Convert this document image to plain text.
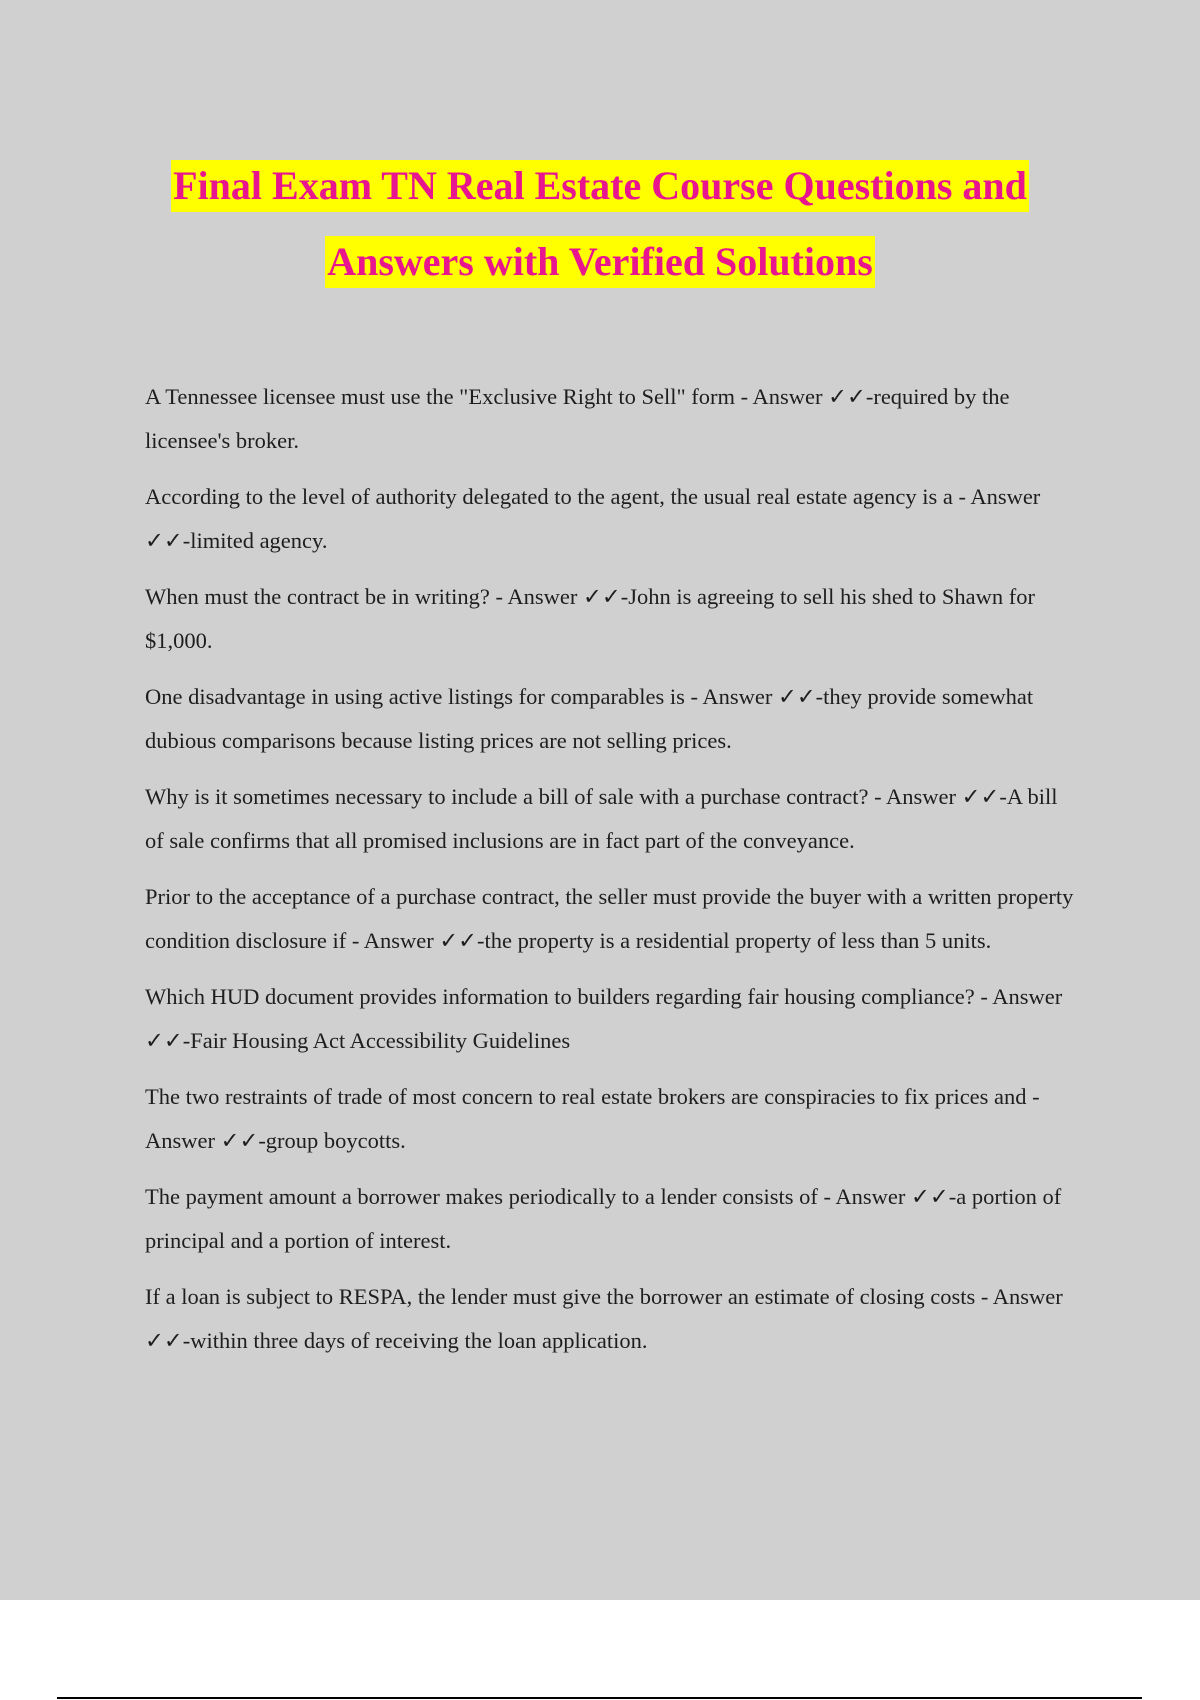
Final Exam TN Real Estate Course Questions and
Answers with Verified Solutions

A Tennessee licensee must use the "Exclusive Right to Sell" form - Answer ✓✓-required by the licensee's broker.

According to the level of authority delegated to the agent, the usual real estate agency is a - Answer ✓✓-limited agency.

When must the contract be in writing? - Answer ✓✓-John is agreeing to sell his shed to Shawn for $1,000.

One disadvantage in using active listings for comparables is - Answer ✓✓-they provide somewhat dubious comparisons because listing prices are not selling prices.

Why is it sometimes necessary to include a bill of sale with a purchase contract? - Answer ✓✓-A bill of sale confirms that all promised inclusions are in fact part of the conveyance.

Prior to the acceptance of a purchase contract, the seller must provide the buyer with a written property condition disclosure if - Answer ✓✓-the property is a residential property of less than 5 units.

Which HUD document provides information to builders regarding fair housing compliance? - Answer ✓✓-Fair Housing Act Accessibility Guidelines

The two restraints of trade of most concern to real estate brokers are conspiracies to fix prices and - Answer ✓✓-group boycotts.

The payment amount a borrower makes periodically to a lender consists of - Answer ✓✓-a portion of principal and a portion of interest.

If a loan is subject to RESPA, the lender must give the borrower an estimate of closing costs - Answer ✓✓-within three days of receiving the loan application.
